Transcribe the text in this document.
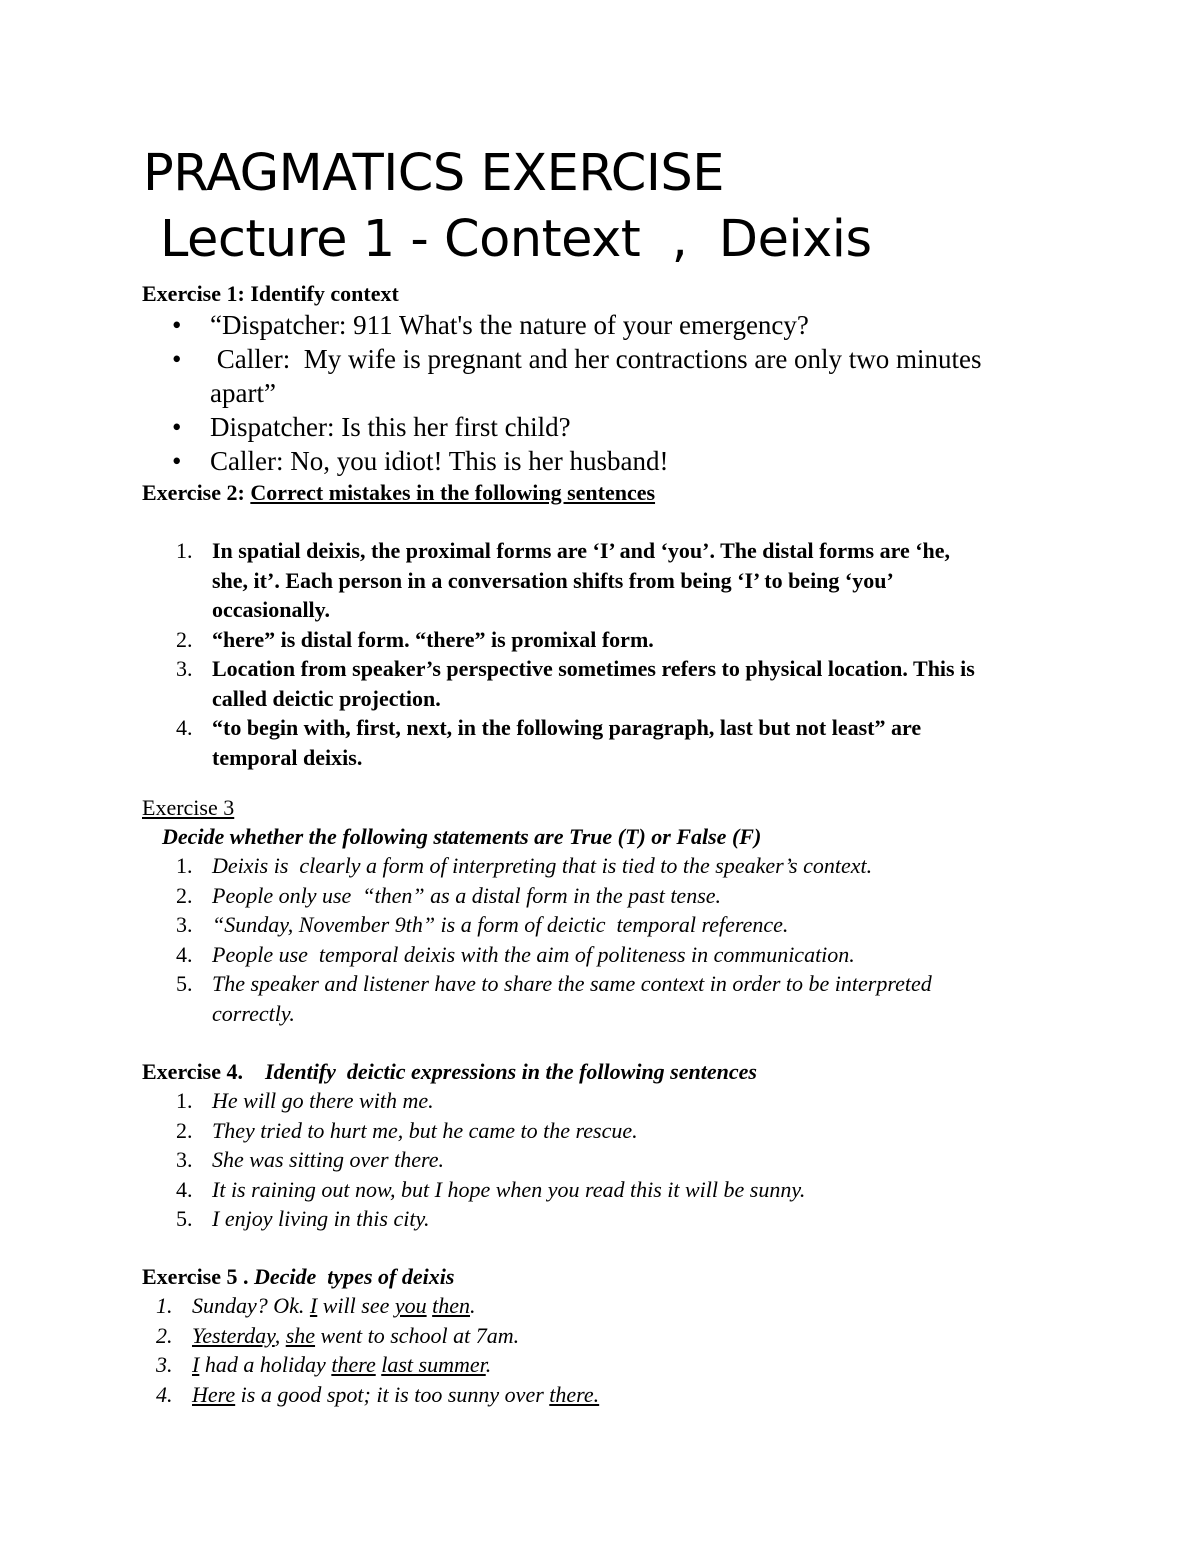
PRAGMATICS EXERCISE
Lecture 1 - Context  ,  Deixis
Exercise 1: Identify context
• “Dispatcher: 911 What's the nature of your emergency?
• Caller:  My wife is pregnant and her contractions are only two minutes
apart”
• Dispatcher: Is this her first child?
• Caller: No, you idiot! This is her husband!
Exercise 2: Correct mistakes in the following sentences
1. In spatial deixis, the proximal forms are ‘I’ and ‘you’. The distal forms are ‘he,
she, it’. Each person in a conversation shifts from being ‘I’ to being ‘you’
occasionally.
2. “here” is distal form. “there” is promixal form.
3. Location from speaker’s perspective sometimes refers to physical location. This is
called deictic projection.
4. “to begin with, first, next, in the following paragraph, last but not least” are
temporal deixis.
Exercise 3
Decide whether the following statements are True (T) or False (F)
1. Deixis is  clearly a form of interpreting that is tied to the speaker’s context.
2. People only use  “then” as a distal form in the past tense.
3. “Sunday, November 9th” is a form of deictic  temporal reference.
4. People use  temporal deixis with the aim of politeness in communication.
5. The speaker and listener have to share the same context in order to be interpreted
correctly.
Exercise 4. Identify  deictic expressions in the following sentences
1. He will go there with me.
2. They tried to hurt me, but he came to the rescue.
3. She was sitting over there.
4. It is raining out now, but I hope when you read this it will be sunny.
5. I enjoy living in this city.
Exercise 5 . Decide  types of deixis
1. Sunday? Ok. I will see you then.
2. Yesterday, she went to school at 7am.
3. I had a holiday there last summer.
4. Here is a good spot; it is too sunny over there.
